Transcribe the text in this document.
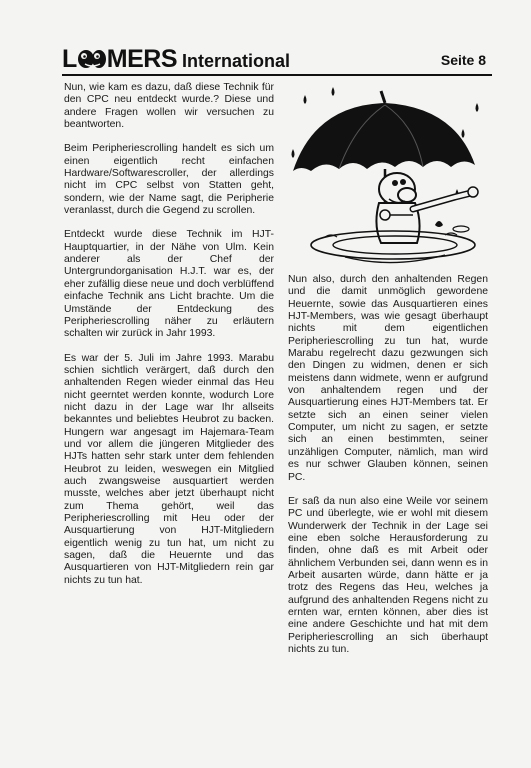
L MERS International	Seite 8

Nun, wie kam es dazu, daß diese Technik für den CPC neu entdeckt wurde.? Diese und andere Fragen wollen wir versuchen zu beantworten.

Beim Peripheriescrolling handelt es sich um einen eigentlich recht einfachen Hardware/Softwarescroller, der allerdings nicht im CPC selbst von Statten geht, sondern, wie der Name sagt, die Peripherie veranlasst, durch die Gegend zu scrollen.

Entdeckt wurde diese Technik im HJT-Hauptquartier, in der Nähe von Ulm. Kein anderer als der Chef der Untergrundorganisation H.J.T. war es, der eher zufällig diese neue und doch verblüffend einfache Technik ans Licht brachte. Um die Umstände der Entdeckung des Peripheriescrolling näher zu erläutern schalten wir zurück in Jahr 1993.

Es war der 5. Juli im Jahre 1993. Marabu schien sichtlich verärgert, daß durch den anhaltenden Regen wieder einmal das Heu nicht geerntet werden konnte, wodurch Lore nicht dazu in der Lage war Ihr allseits bekanntes und beliebtes Heubrot zu backen. Hungern war angesagt im Hajemara-Team und vor allem die jüngeren Mitglieder des HJTs hatten sehr stark unter dem fehlenden Heubrot zu leiden, weswegen ein Mitglied auch zwangsweise ausquartiert werden musste, welches aber jetzt überhaupt nicht zum Thema gehört, weil das Peripheriescrolling mit Heu oder der Ausquartierung von HJT-Mitgliedern eigentlich wenig zu tun hat, um nicht zu sagen, daß die Heuernte und das Ausquartieren von HJT-Mitgliedern rein gar nichts zu tun hat.

Nun also, durch den anhaltenden Regen und die damit unmöglich gewordene Heuernte, sowie das Ausquartieren eines HJT-Members, was wie gesagt überhaupt nichts mit dem eigentlichen Peripheriescrolling zu tun hat, wurde Marabu regelrecht dazu gezwungen sich den Dingen zu widmen, denen er sich meistens dann widmete, wenn er aufgrund von anhaltendem regen und der Ausquartierung eines HJT-Members tat. Er setzte sich an einen seiner vielen Computer, um nicht zu sagen, er setzte sich an einen bestimmten, seiner unzähligen Computer, nämlich, man wird es nur schwer Glauben können, seinen PC.

Er saß da nun also eine Weile vor seinem PC und überlegte, wie er wohl mit diesem Wunderwerk der Technik in der Lage sei eine eben solche Herausforderung zu finden, ohne daß es mit Arbeit oder ähnlichem Verbunden sei, dann wenn es in Arbeit ausarten würde, dann hätte er ja trotz des Regens das Heu, welches ja aufgrund des anhaltenden Regens nicht zu ernten war, ernten können, aber dies ist eine andere Geschichte und hat mit dem Peripheriescrolling an sich überhaupt nichts zu tun.
